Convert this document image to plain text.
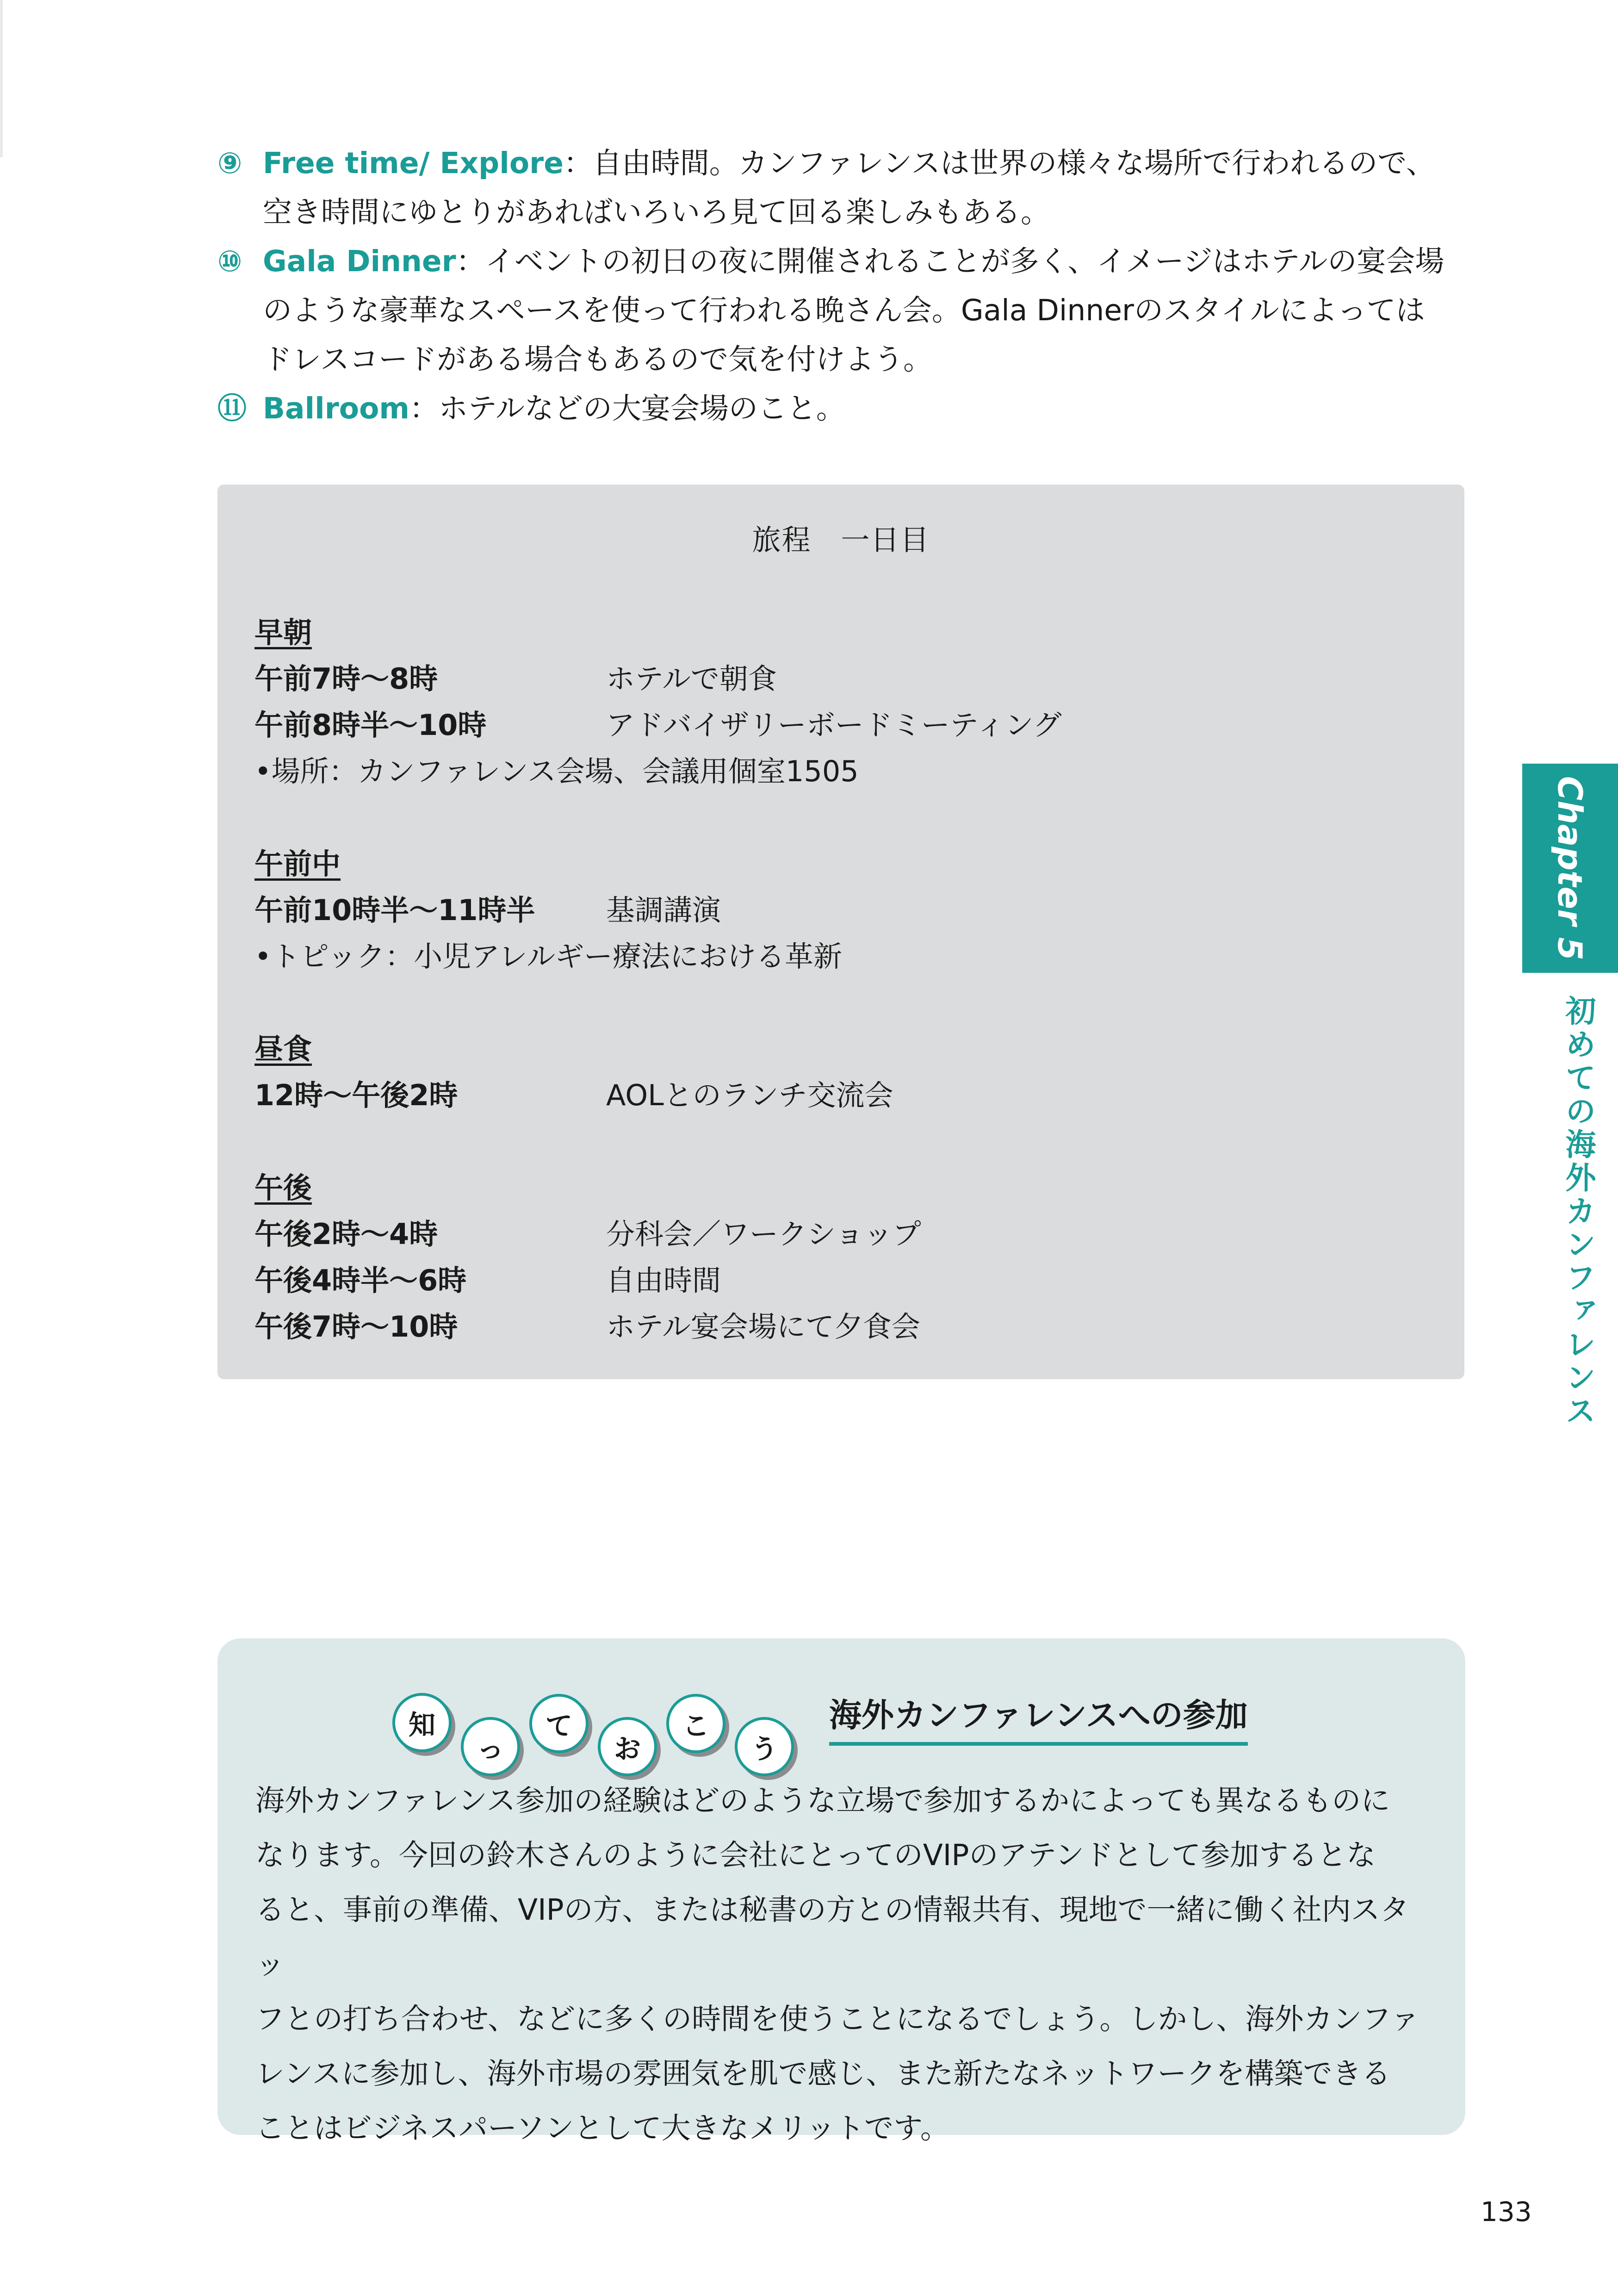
⑨ Free time/ Explore：自由時間。カンファレンスは世界の様々な場所で行われるので、
空き時間にゆとりがあればいろいろ見て回る楽しみもある。
⑩ Gala Dinner：イベントの初日の夜に開催されることが多く、イメージはホテルの宴会場
のような豪華なスペースを使って行われる晩さん会。Gala Dinnerのスタイルによっては
ドレスコードがある場合もあるので気を付けよう。
⑪ Ballroom：ホテルなどの大宴会場のこと。
旅程　一日目
早朝
午前7時〜8時	ホテルで朝食
午前8時半〜10時	アドバイザリーボードミーティング
•場所：カンファレンス会場、会議用個室1505
午前中
午前10時半〜11時半	基調講演
•トピック：小児アレルギー療法における革新
昼食
12時〜午後2時	AOLとのランチ交流会
午後
午後2時〜4時	分科会／ワークショップ
午後4時半〜6時	自由時間
午後7時〜10時	ホテル宴会場にて夕食会
Chapter 5
初めての海外カンファレンス
知
っ
て
お
こ
う
海外カンファレンスへの参加
海外カンファレンス参加の経験はどのような立場で参加するかによっても異なるものに
なります。今回の鈴木さんのように会社にとってのVIPのアテンドとして参加するとな
ると、事前の準備、VIPの方、または秘書の方との情報共有、現地で一緒に働く社内スタッ
フとの打ち合わせ、などに多くの時間を使うことになるでしょう。しかし、海外カンファ
レンスに参加し、海外市場の雰囲気を肌で感じ、また新たなネットワークを構築できる
ことはビジネスパーソンとして大きなメリットです。
133
